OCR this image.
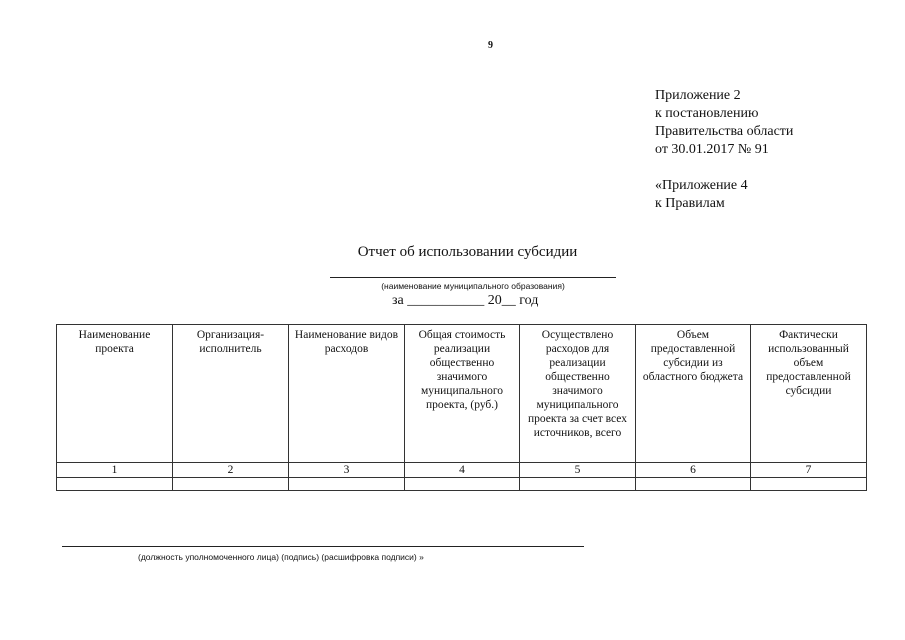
9
Приложение 2
к постановлению
Правительства области
от 30.01.2017 № 91
«Приложение 4
к Правилам
Отчет об использовании субсидии
(наименование муниципального образования)
за ___________ 20__ год
Наименование проекта	Организация-исполнитель	Наименование видов расходов	Общая стоимость реализации общественно значимого муниципального проекта, (руб.)	Осуществлено расходов для реализации общественно значимого муниципального проекта за счет всех источников, всего	Объем предоставленной субсидии из областного бюджета	Фактически использованный объем предоставленной субсидии
1	2	3	4	5	6	7

(должность уполномоченного лица) (подпись) (расшифровка подписи) »
